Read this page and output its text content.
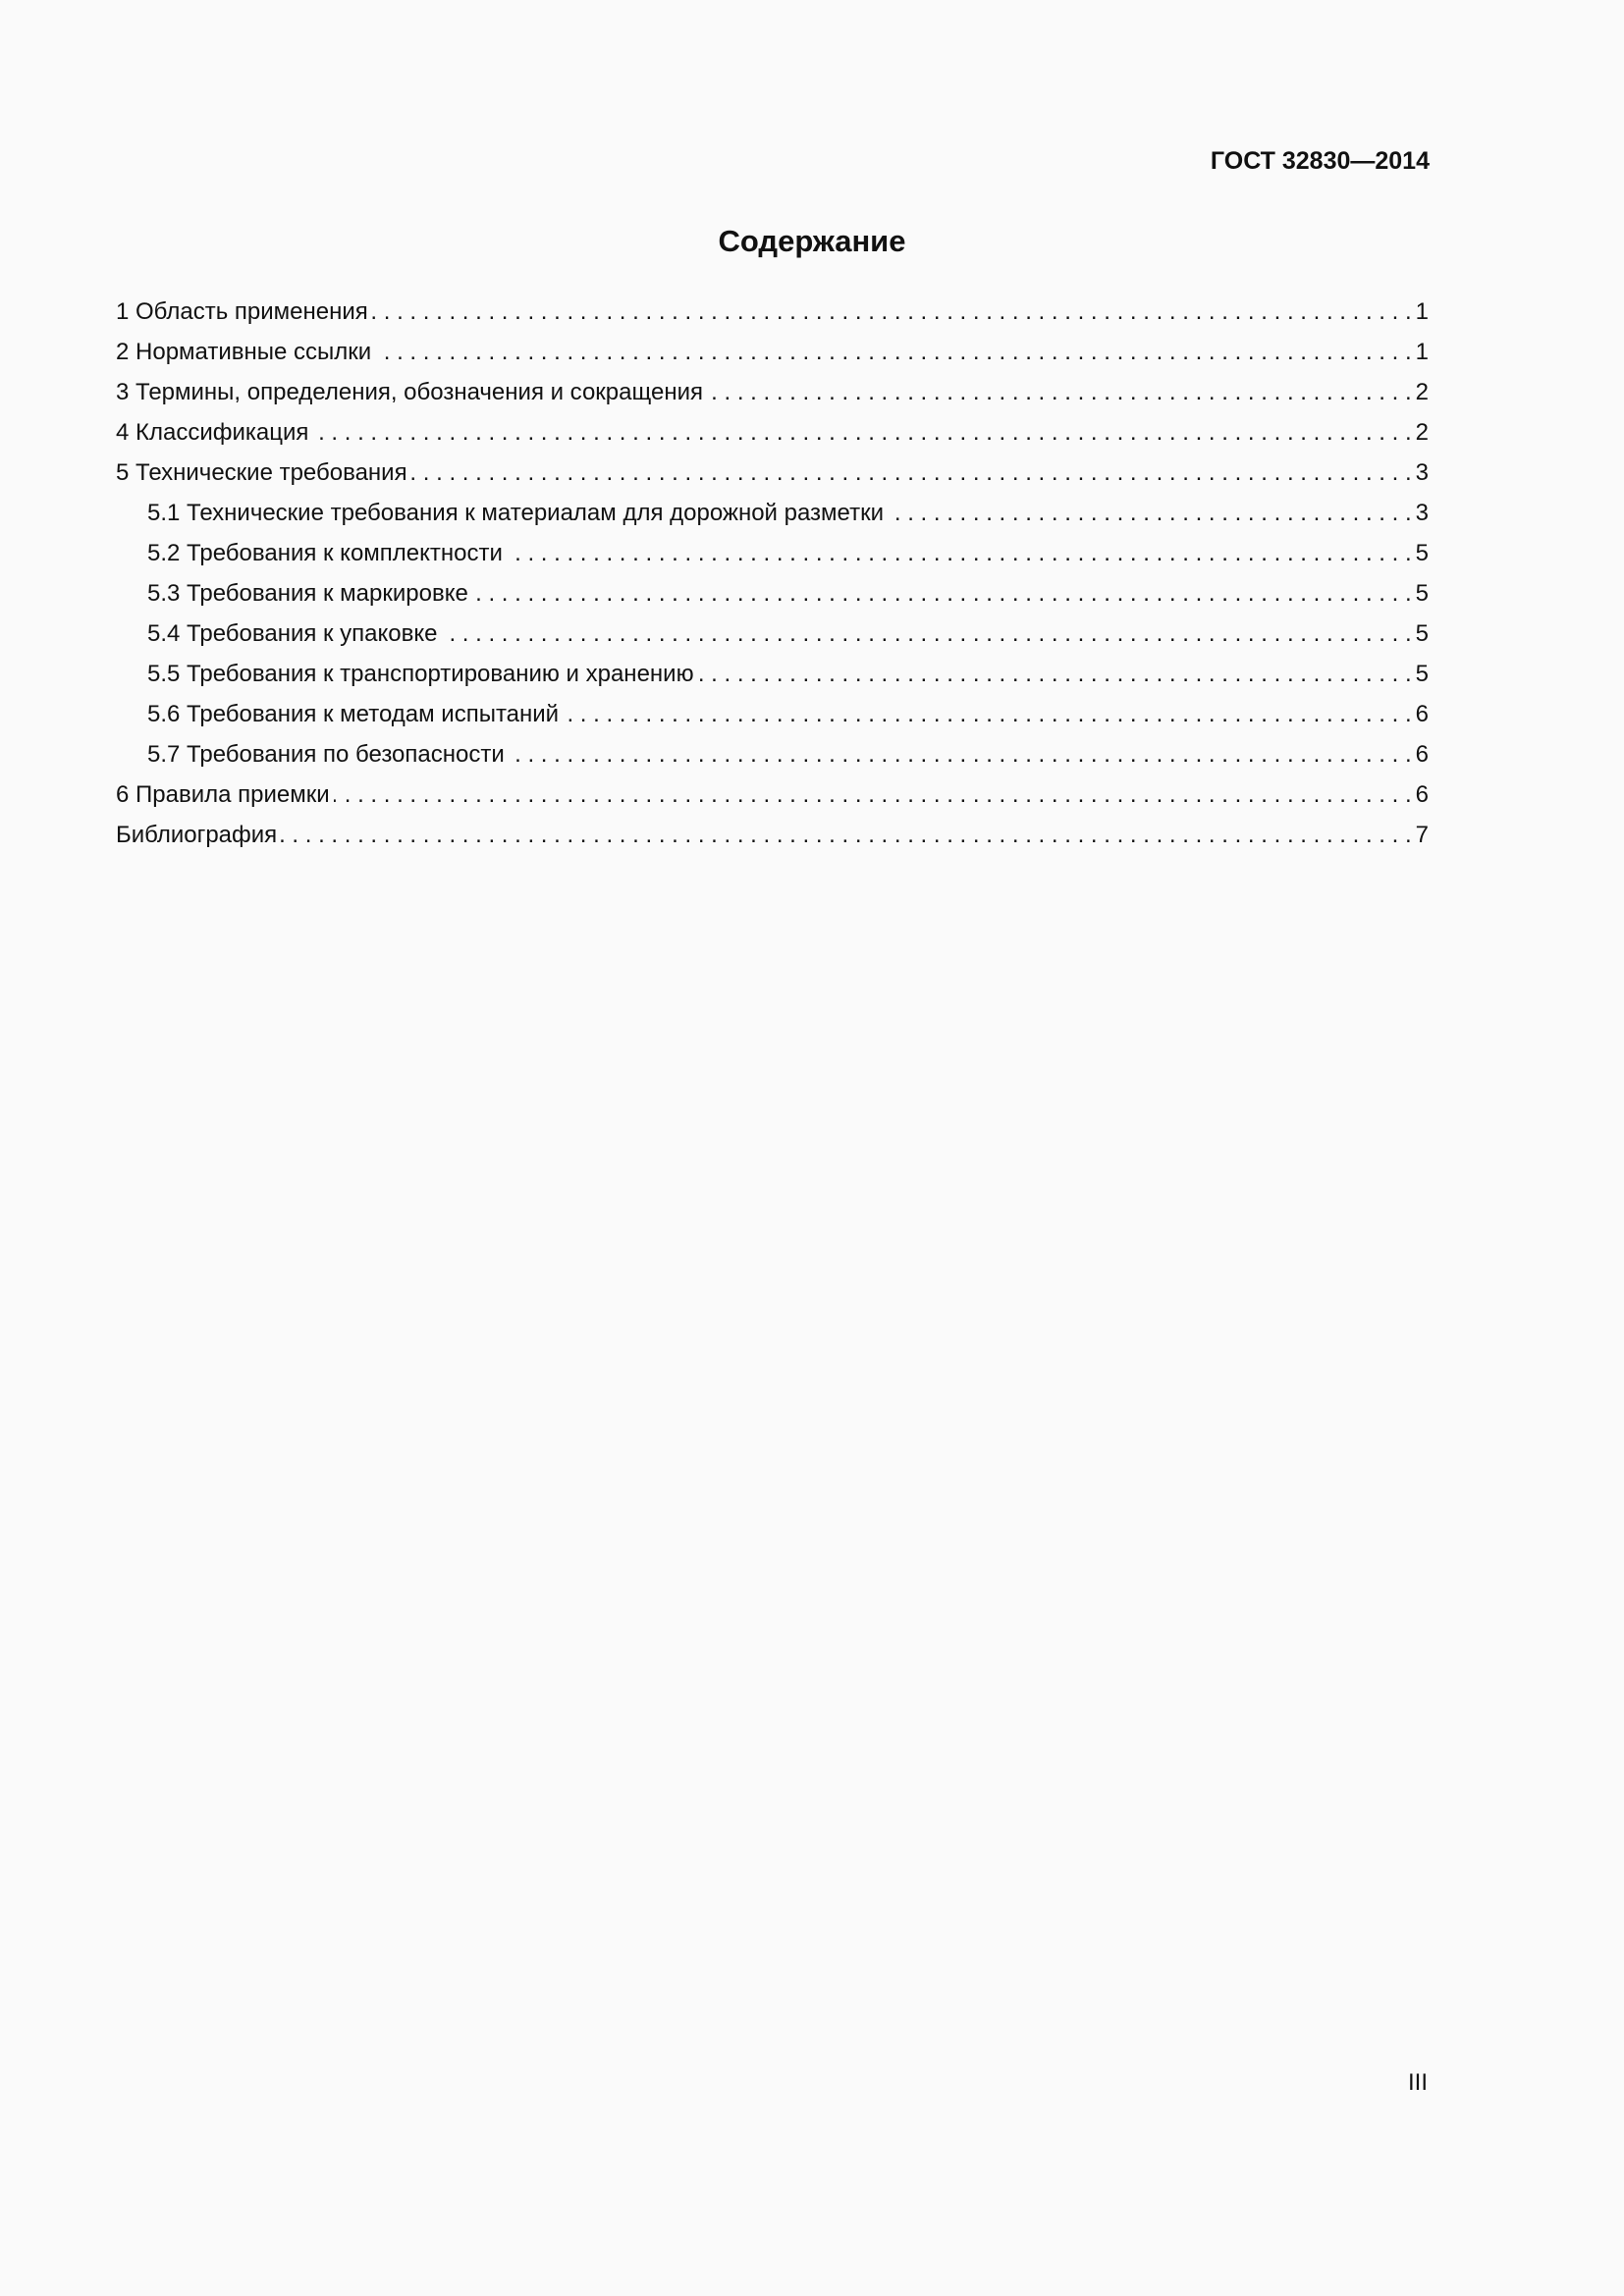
ГОСТ 32830—2014
Содержание
1 Область применения . . .	1
2 Нормативные ссылки . . .	1
3 Термины, определения, обозначения и сокращения . . .	2
4 Классификация . . .	2
5 Технические требования . . .	3
5.1 Технические требования к материалам для дорожной разметки . . .	3
5.2 Требования к комплектности . . .	5
5.3 Требования к маркировке . . .	5
5.4 Требования к упаковке . . .	5
5.5 Требования к транспортированию и хранению . . .	5
5.6 Требования к методам испытаний . . .	6
5.7 Требования по безопасности . . .	6
6 Правила приемки . . .	6
Библиография . . .	7
III
